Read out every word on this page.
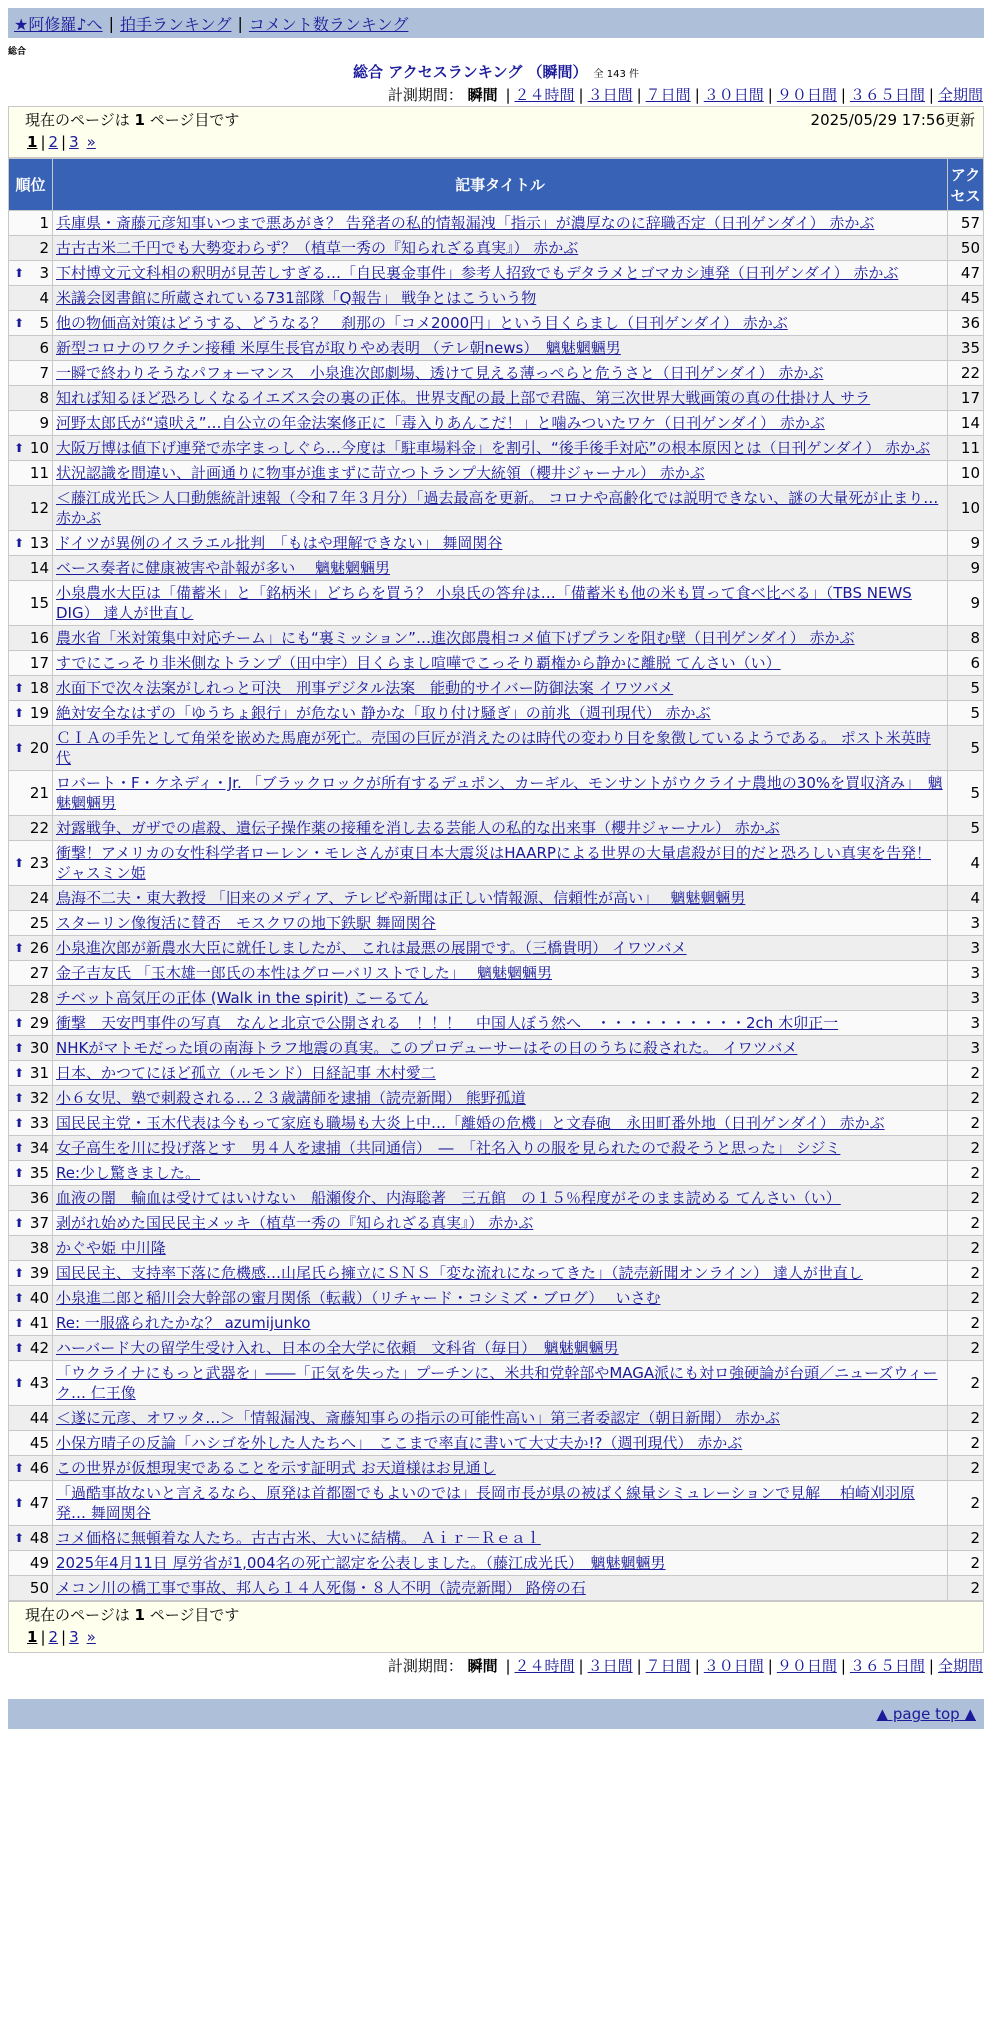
★阿修羅♪へ | 拍手ランキング | コメント数ランキング
総合
総合 アクセスランキング （瞬間） 全 143 件
計測期間： 瞬間 | ２４時間 | ３日間 | ７日間 | ３０日間 | ９０日間 | ３６５日間 | 全期間
現在のページは 1 ページ目です	2025/05/29 17:56更新
1 | 2 | 3 »
順位	記事タイトル	アクセス
1	兵庫県・斎藤元彦知事いつまで悪あがき？ 告発者の私的情報漏洩「指示」が濃厚なのに辞職否定（日刊ゲンダイ） 赤かぶ	57
2	古古古米二千円でも大勢変わらず？（植草一秀の『知られざる真実』） 赤かぶ	50

⬆ 3	下村博文元文科相の釈明が見苦しすぎる…「自民裏金事件」参考人招致でもデタラメとゴマカシ連発（日刊ゲンダイ） 赤かぶ	47
4	米議会図書館に所蔵されている731部隊「Q報告」 戦争とはこういう物	45

⬆ 5	他の物価高対策はどうする、どうなる？　刹那の「コメ2000円」という目くらまし（日刊ゲンダイ） 赤かぶ	36
6	新型コロナのワクチン接種 米厚生長官が取りやめ表明 （テレ朝news）　魑魅魍魎男	35
7	一瞬で終わりそうなパフォーマンス　小泉進次郎劇場、透けて見える薄っぺらと危うさと（日刊ゲンダイ） 赤かぶ	22
8	知れば知るほど恐ろしくなるイエズス会の裏の正体。世界支配の最上部で君臨、第三次世界大戦画策の真の仕掛け人 サラ	17
9	河野太郎氏が“遠吠え”…自公立の年金法案修正に「毒入りあんこだ！」と噛みついたワケ（日刊ゲンダイ） 赤かぶ	14

⬆ 10	大阪万博は値下げ連発で赤字まっしぐら…今度は「駐車場料金」を割引、“後手後手対応”の根本原因とは（日刊ゲンダイ） 赤かぶ	11
11	状況認識を間違い、計画通りに物事が進まずに苛立つトランプ大統領（櫻井ジャーナル） 赤かぶ	10
12	＜藤江成光氏＞人口動態統計速報（令和７年３月分）「過去最高を更新。 コロナや高齢化では説明できない、謎の大量死が止まり… 赤かぶ	10

⬆ 13	ドイツが異例のイスラエル批判　「もはや理解できない」 舞岡関谷	9
14	ベース奏者に健康被害や訃報が多い　 魑魅魍魎男	9
15	小泉農水大臣は「備蓄米」と「銘柄米」どちらを買う？ 小泉氏の答弁は…「備蓄米も他の米も買って食べ比べる」（TBS NEWS DIG） 達人が世直し	9
16	農水省「米対策集中対応チーム」にも“裏ミッション”…進次郎農相コメ値下げプランを阻む壁（日刊ゲンダイ） 赤かぶ	8
17	すでにこっそり非米側なトランプ（田中宇）目くらまし喧嘩でこっそり覇権から静かに離脱 てんさい（い）	6

⬆ 18	水面下で次々法案がしれっと可決　刑事デジタル法案　能動的サイバー防御法案 イワツバメ	5

⬆ 19	絶対安全なはずの「ゆうちょ銀行」が危ない 静かな「取り付け騒ぎ」の前兆（週刊現代） 赤かぶ	5

⬆ 20	ＣＩＡの手先として角栄を嵌めた馬鹿が死亡。売国の巨匠が消えたのは時代の変わり目を象徴しているようである。 ポスト米英時代	5
21	ロバート・F・ケネディ・Jr. 「ブラックロックが所有するデュポン、カーギル、モンサントがウクライナ農地の30%を買収済み」　魑魅魍魎男	5
22	対露戦争、ガザでの虐殺、遺伝子操作薬の接種を消し去る芸能人の私的な出来事（櫻井ジャーナル） 赤かぶ	5

⬆ 23	衝撃！アメリカの女性科学者ローレン・モレさんが東日本大震災はHAARPによる世界の大量虐殺が目的だと恐ろしい真実を告発！ ジャスミン姫	4
24	鳥海不二夫・東大教授 「旧来のメディア、テレビや新聞は正しい情報源、信頼性が高い」　 魑魅魍魎男	4
25	スターリン像復活に賛否　モスクワの地下鉄駅 舞岡関谷	3

⬆ 26	小泉進次郎が新農水大臣に就任しましたが、 これは最悪の展開です。（三橋貴明） イワツバメ	3
27	金子吉友氏 「玉木雄一郎氏の本性はグローバリストでした」　 魑魅魍魎男	3
28	チベット高気圧の正体 (Walk in the spirit) こーるてん	3

⬆ 29	衝撃　天安門事件の写真　なんと北京で公開される　！！！　中国人ぼう然へ　・・・・・・・・・・2ch 木卯正一	3

⬆ 30	NHKがマトモだった頃の南海トラフ地震の真実。このプロデューサーはその日のうちに殺された。 イワツバメ	3

⬆ 31	日本、かつてにほど孤立（ルモンド）日経記事 木村愛二	2

⬆ 32	小６女児、塾で刺殺される…２３歳講師を逮捕（読売新聞） 熊野孤道	2

⬆ 33	国民民主党・玉木代表は今もって家庭も職場も大炎上中…「離婚の危機」と文春砲　永田町番外地（日刊ゲンダイ） 赤かぶ	2

⬆ 34	女子高生を川に投げ落とす　男４人を逮捕（共同通信）　―　「社名入りの服を見られたので殺そうと思った」 シジミ	2

⬆ 35	Re:少し驚きました。	2
36	血液の闇　輸血は受けてはいけない　船瀬俊介、内海聡著　三五館　の１５％程度がそのまま読める てんさい（い）	2

⬆ 37	剥がれ始めた国民民主メッキ（植草一秀の『知られざる真実』） 赤かぶ	2
38	かぐや姫 中川隆	2

⬆ 39	国民民主、支持率下落に危機感…山尾氏ら擁立にＳＮＳ「変な流れになってきた」（読売新聞オンライン） 達人が世直し	2

⬆ 40	小泉進二郎と稲川会大幹部の蜜月関係（転載）（リチャード・コシミズ・ブログ）　 いさむ	2

⬆ 41	Re: 一服盛られたかな？ azumijunko	2

⬆ 42	ハーバード大の留学生受け入れ、日本の全大学に依頼　文科省（毎日）　魑魅魍魎男	2

⬆ 43	「ウクライナにもっと武器を」――「正気を失った」プーチンに、米共和党幹部やMAGA派にも対ロ強硬論が台頭／ニューズウィーク… 仁王像	2
44	＜遂に元彦、オワッタ…＞「情報漏洩、斎藤知事らの指示の可能性高い」第三者委認定（朝日新聞） 赤かぶ	2
45	小保方晴子の反論「ハシゴを外した人たちへ」　ここまで率直に書いて大丈夫か!?（週刊現代） 赤かぶ	2

⬆ 46	この世界が仮想現実であることを示す証明式 お天道様はお見通し	2

⬆ 47	「過酷事故ないと言えるなら、原発は首都圏でもよいのでは」長岡市長が県の被ばく線量シミュレーションで見解　 柏崎刈羽原発… 舞岡関谷	2

⬆ 48	コメ価格に無頓着な人たち。古古古米、大いに結構。 Ａｉｒ－Ｒｅａｌ	2
49	2025年4月11日 厚労省が1,004名の死亡認定を公表しました。（藤江成光氏）　魑魅魍魎男	2
50	メコン川の橋工事で事故、邦人ら１４人死傷・８人不明（読売新聞） 路傍の石	2
現在のページは 1 ページ目です
1 | 2 | 3 »
計測期間： 瞬間 | ２４時間 | ３日間 | ７日間 | ３０日間 | ９０日間 | ３６５日間 | 全期間
▲ page top ▲
